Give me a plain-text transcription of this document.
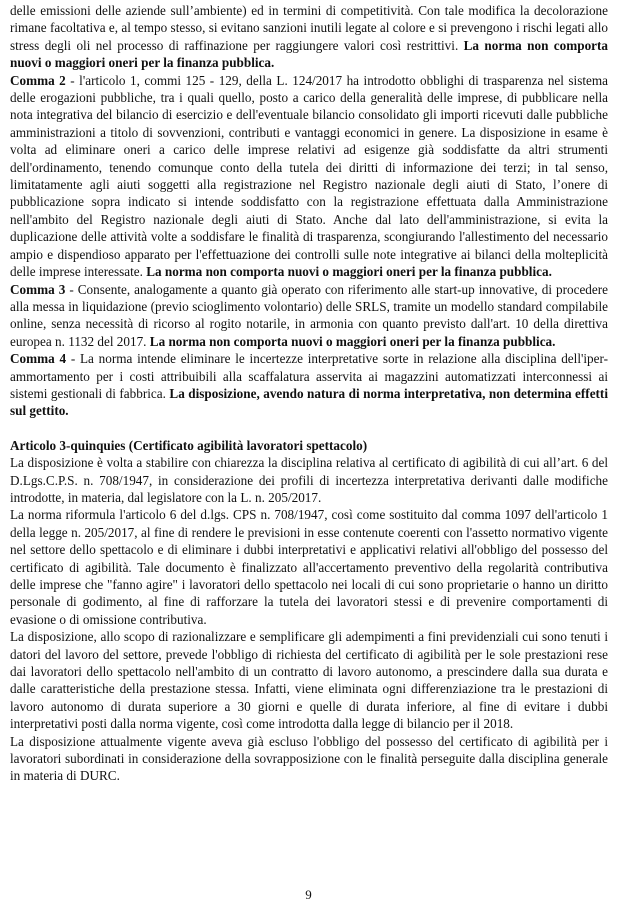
delle emissioni delle aziende sull’ambiente) ed in termini di competitività. Con tale modifica la decolorazione rimane facoltativa e, al tempo stesso, si evitano sanzioni inutili legate al colore e si prevengono i rischi legati allo stress degli oli nel processo di raffinazione per raggiungere valori così restrittivi. La norma non comporta nuovi o maggiori oneri per la finanza pubblica.

Comma 2 - l'articolo 1, commi 125 - 129, della L. 124/2017 ha introdotto obblighi di trasparenza nel sistema delle erogazioni pubbliche, tra i quali quello, posto a carico della generalità delle imprese, di pubblicare nella nota integrativa del bilancio di esercizio e dell'eventuale bilancio consolidato gli importi ricevuti dalle pubbliche amministrazioni a titolo di sovvenzioni, contributi e vantaggi economici in genere. La disposizione in esame è volta ad eliminare oneri a carico delle imprese relativi ad esigenze già soddisfatte da altri strumenti dell'ordinamento, tenendo comunque conto della tutela dei diritti di informazione dei terzi; in tal senso, limitatamente agli aiuti soggetti alla registrazione nel Registro nazionale degli aiuti di Stato, l’onere di pubblicazione sopra indicato si intende soddisfatto con la registrazione effettuata dalla Amministrazione nell'ambito del Registro nazionale degli aiuti di Stato. Anche dal lato dell'amministrazione, si evita la duplicazione delle attività volte a soddisfare le finalità di trasparenza, scongiurando l'allestimento del necessario ampio e dispendioso apparato per l'effettuazione dei controlli sulle note integrative ai bilanci della molteplicità delle imprese interessate. La norma non comporta nuovi o maggiori oneri per la finanza pubblica.

Comma 3 - Consente, analogamente a quanto già operato con riferimento alle start-up innovative, di procedere alla messa in liquidazione (previo scioglimento volontario) delle SRLS, tramite un modello standard compilabile online, senza necessità di ricorso al rogito notarile, in armonia con quanto previsto dall'art. 10 della direttiva europea n. 1132 del 2017. La norma non comporta nuovi o maggiori oneri per la finanza pubblica.

Comma 4 - La norma intende eliminare le incertezze interpretative sorte in relazione alla disciplina dell'iper-ammortamento per i costi attribuibili alla scaffalatura asservita ai magazzini automatizzati interconnessi ai sistemi gestionali di fabbrica. La disposizione, avendo natura di norma interpretativa, non determina effetti sul gettito.

Articolo 3-quinquies (Certificato agibilità lavoratori spettacolo)

La disposizione è volta a stabilire con chiarezza la disciplina relativa al certificato di agibilità di cui all’art. 6 del D.Lgs.C.P.S. n. 708/1947, in considerazione dei profili di incertezza interpretativa derivanti dalle modifiche introdotte, in materia, dal legislatore con la L. n. 205/2017.

La norma riformula l'articolo 6 del d.lgs. CPS n. 708/1947, così come sostituito dal comma 1097 dell'articolo 1 della legge n. 205/2017, al fine di rendere le previsioni in esse contenute coerenti con l'assetto normativo vigente nel settore dello spettacolo e di eliminare i dubbi interpretativi e applicativi relativi all'obbligo del possesso del certificato di agibilità. Tale documento è finalizzato all'accertamento preventivo della regolarità contributiva delle imprese che "fanno agire" i lavoratori dello spettacolo nei locali di cui sono proprietarie o hanno un diritto personale di godimento, al fine di rafforzare la tutela dei lavoratori stessi e di prevenire comportamenti di evasione o di omissione contributiva.

La disposizione, allo scopo di razionalizzare e semplificare gli adempimenti a fini previdenziali cui sono tenuti i datori del lavoro del settore, prevede l'obbligo di richiesta del certificato di agibilità per le sole prestazioni rese dai lavoratori dello spettacolo nell'ambito di un contratto di lavoro autonomo, a prescindere dalla sua durata e dalle caratteristiche della prestazione stessa. Infatti, viene eliminata ogni differenziazione tra le prestazioni di lavoro autonomo di durata superiore a 30 giorni e quelle di durata inferiore, al fine di evitare i dubbi interpretativi posti dalla norma vigente, così come introdotta dalla legge di bilancio per il 2018.

La disposizione attualmente vigente aveva già escluso l'obbligo del possesso del certificato di agibilità per i lavoratori subordinati in considerazione della sovrapposizione con le finalità perseguite dalla disciplina generale in materia di DURC.

9
